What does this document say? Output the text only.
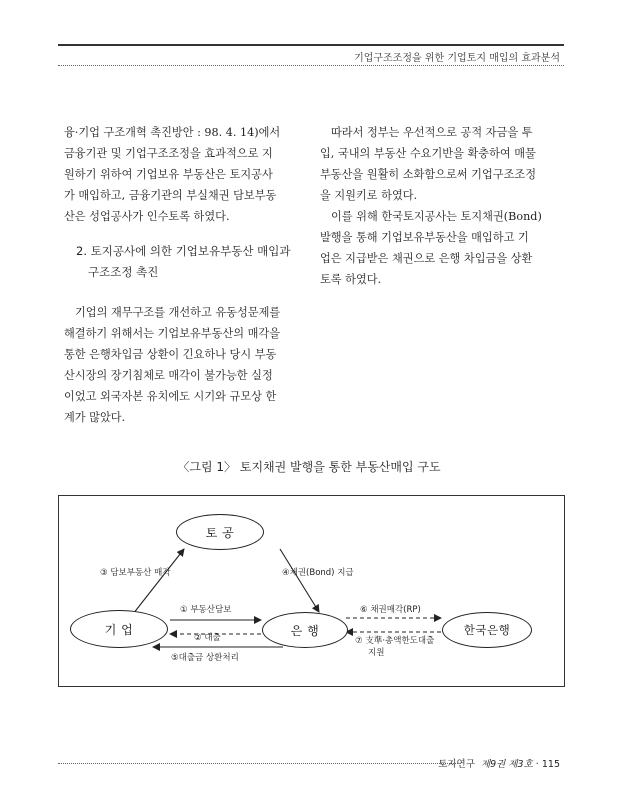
기업구조조정을 위한 기업토지 매입의 효과분석

융·기업 구조개혁 촉진방안 : 98. 4. 14)에서
금융기관 및 기업구조조정을 효과적으로 지
원하기 위하여 기업보유 부동산은 토지공사
가 매입하고, 금융기관의 부실채권 담보부동
산은 성업공사가 인수토록 하였다.

2. 토지공사에 의한 기업보유부동산 매입과
구조조정 촉진

기업의 재무구조를 개선하고 유동성문제를
해결하기 위해서는 기업보유부동산의 매각을
통한 은행차입금 상환이 긴요하나 당시 부동
산시장의 장기침체로 매각이 불가능한 실정
이었고 외국자본 유치에도 시기와 규모상 한
계가 많았다.

따라서 정부는 우선적으로 공적 자금을 투
입, 국내의 부동산 수요기반을 확충하여 매물
부동산을 원활히 소화함으로써 기업구조조정
을 지원키로 하였다.

이를 위해 한국토지공사는 토지채권(Bond)
발행을 통해 기업보유부동산을 매입하고 기
업은 지급받은 채권으로 은행 차입금을 상환
토록 하였다.

〈그림 1〉 토지채권 발행을 통한 부동산매입 구도
토 공
기 업	은 행	한국은행
③ 담보부동산 매각	④채권(Bond) 지급
① 부동산담보
② 대출
⑤대출금 상환처리
⑥ 채권매각(RP)
⑦ 支準·총액한도대출
지원
토지연구 제9권 제3호 · 115
